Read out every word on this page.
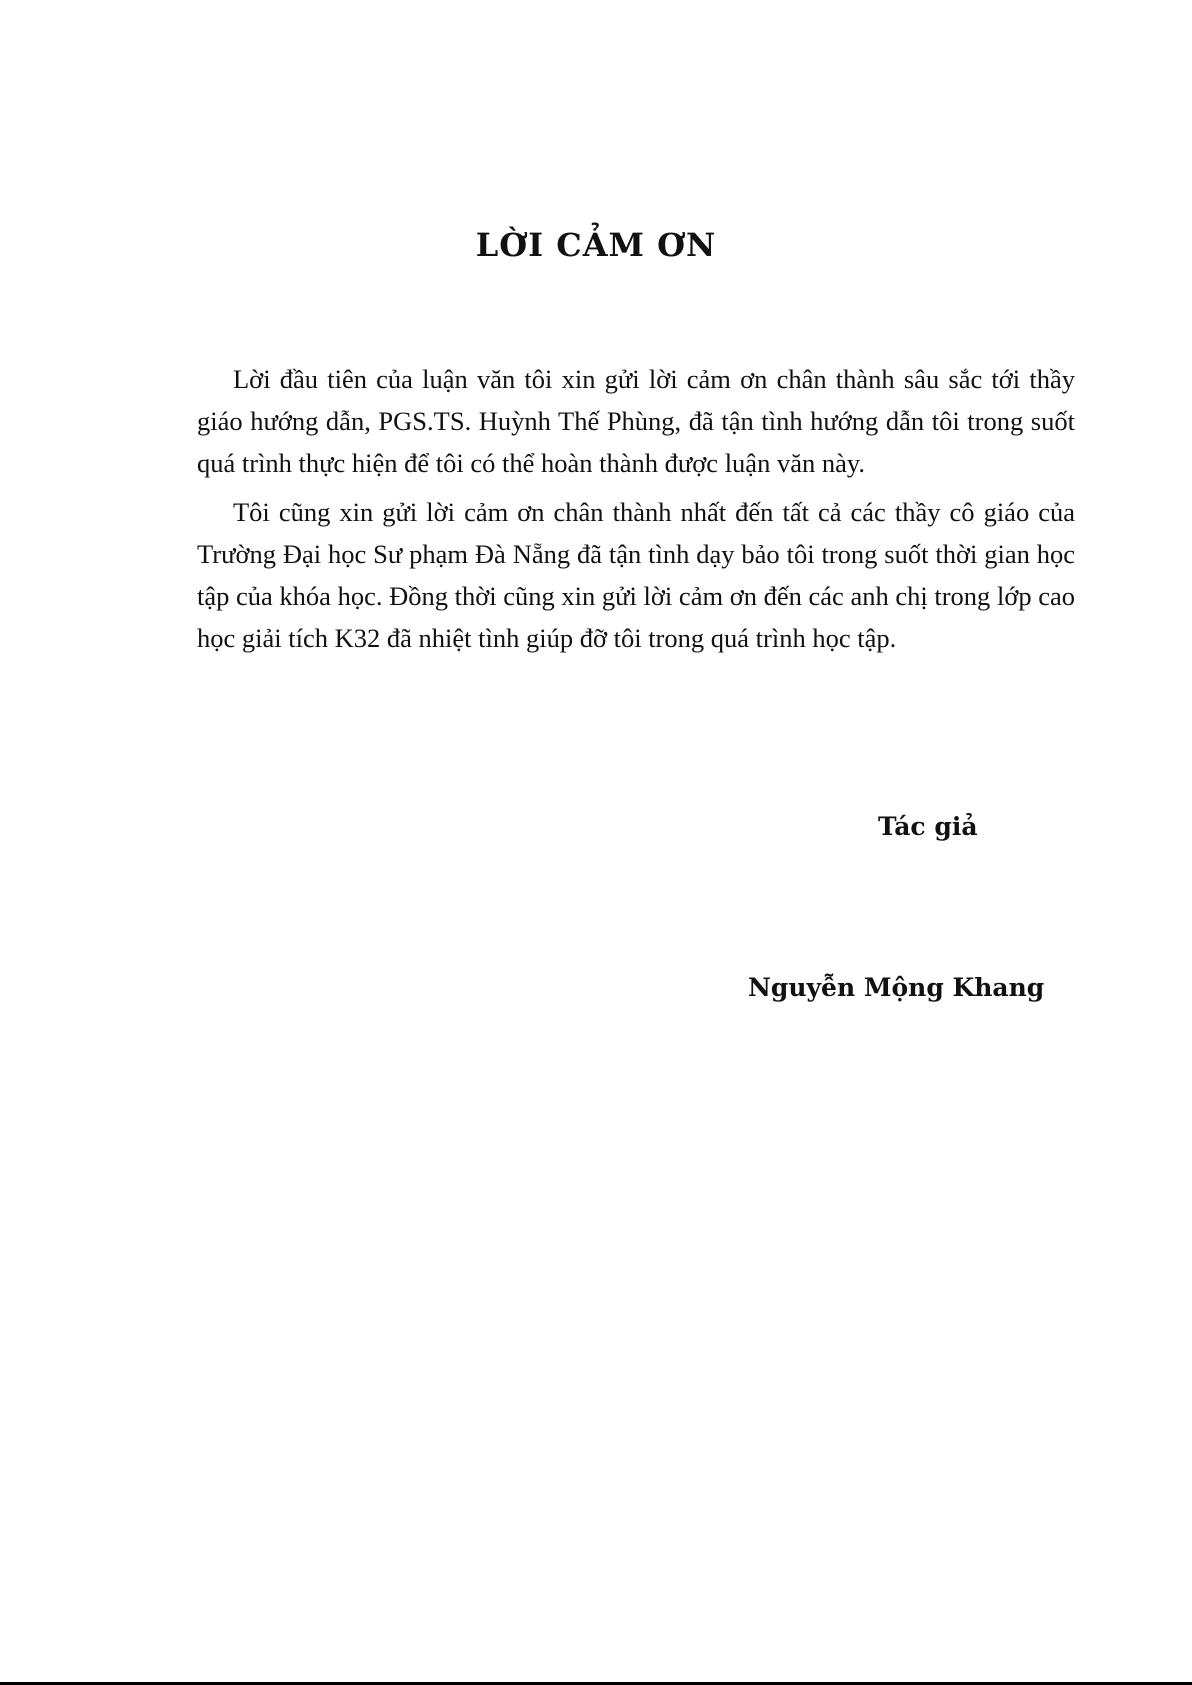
LỜI CẢM ƠN

Lời đầu tiên của luận văn tôi xin gửi lời cảm ơn chân thành sâu sắc tới thầy giáo hướng dẫn, PGS.TS. Huỳnh Thế Phùng, đã tận tình hướng dẫn tôi trong suốt quá trình thực hiện để tôi có thể hoàn thành được luận văn này.

Tôi cũng xin gửi lời cảm ơn chân thành nhất đến tất cả các thầy cô giáo của Trường Đại học Sư phạm Đà Nẵng đã tận tình dạy bảo tôi trong suốt thời gian học tập của khóa học. Đồng thời cũng xin gửi lời cảm ơn đến các anh chị trong lớp cao học giải tích K32 đã nhiệt tình giúp đỡ tôi trong quá trình học tập.

Tác giả

Nguyễn Mộng Khang
